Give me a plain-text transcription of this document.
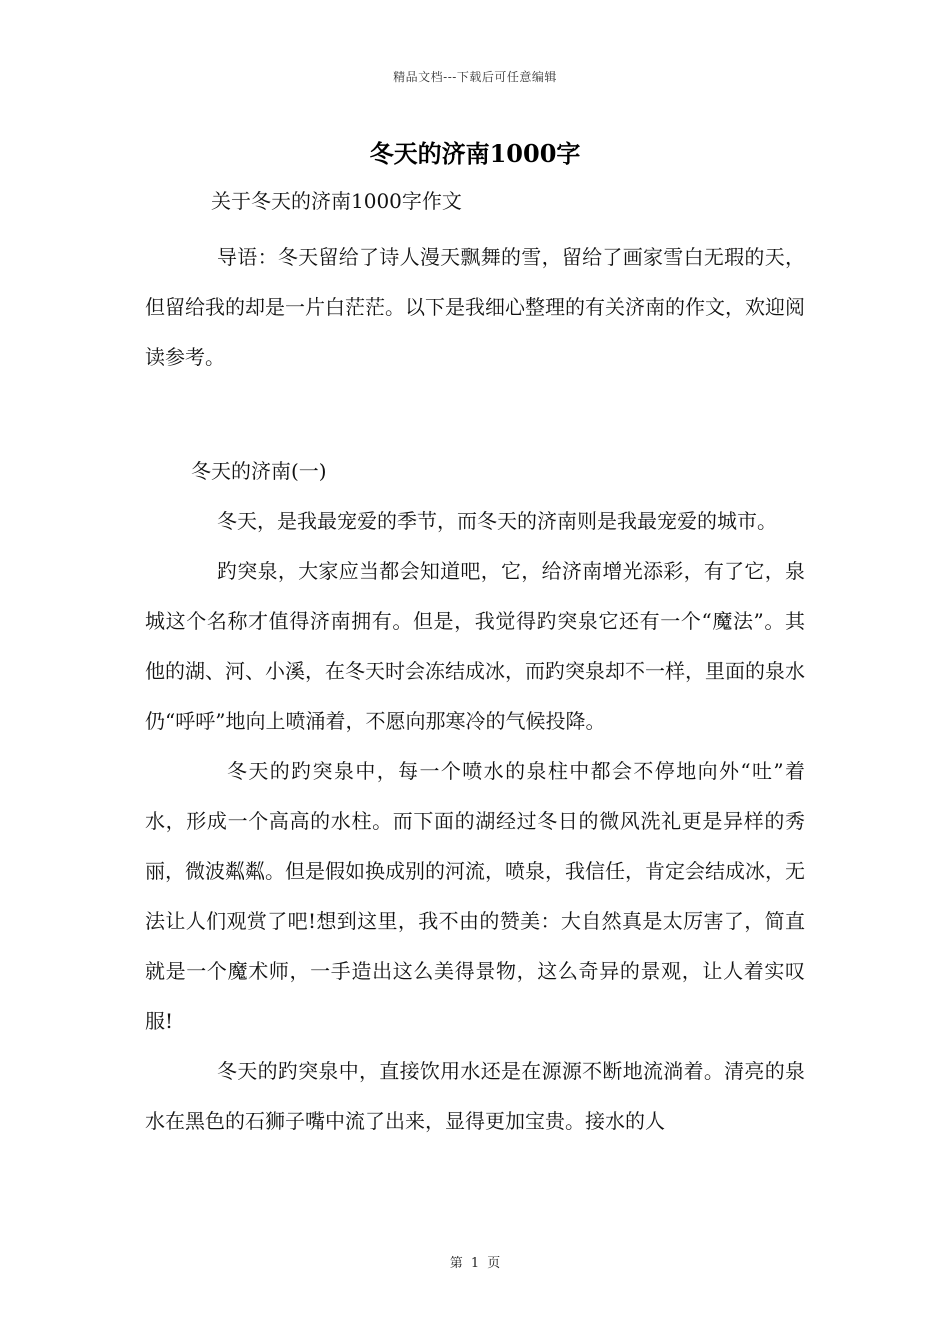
精品文档---下载后可任意编辑
冬天的济南1000字

关于冬天的济南1000字作文

导语：冬天留给了诗人漫天飘舞的雪，留给了画家雪白无瑕的天，但留给我的却是一片白茫茫。以下是我细心整理的有关济南的作文，欢迎阅读参考。

冬天的济南(一)

冬天，是我最宠爱的季节，而冬天的济南则是我最宠爱的城市。

趵突泉，大家应当都会知道吧，它，给济南增光添彩，有了它，泉城这个名称才值得济南拥有。但是，我觉得趵突泉它还有一个“魔法”。其他的湖、河、小溪，在冬天时会冻结成冰，而趵突泉却不一样，里面的泉水仍“呼呼”地向上喷涌着，不愿向那寒冷的气候投降。

冬天的趵突泉中，每一个喷水的泉柱中都会不停地向外“吐”着水，形成一个高高的水柱。而下面的湖经过冬日的微风洗礼更是异样的秀丽，微波粼粼。但是假如换成别的河流，喷泉，我信任，肯定会结成冰，无法让人们观赏了吧!想到这里，我不由的赞美：大自然真是太厉害了，简直就是一个魔术师，一手造出这么美得景物，这么奇异的景观，让人着实叹服!

冬天的趵突泉中，直接饮用水还是在源源不断地流淌着。清亮的泉水在黑色的石狮子嘴中流了出来，显得更加宝贵。接水的人

第 1 页
